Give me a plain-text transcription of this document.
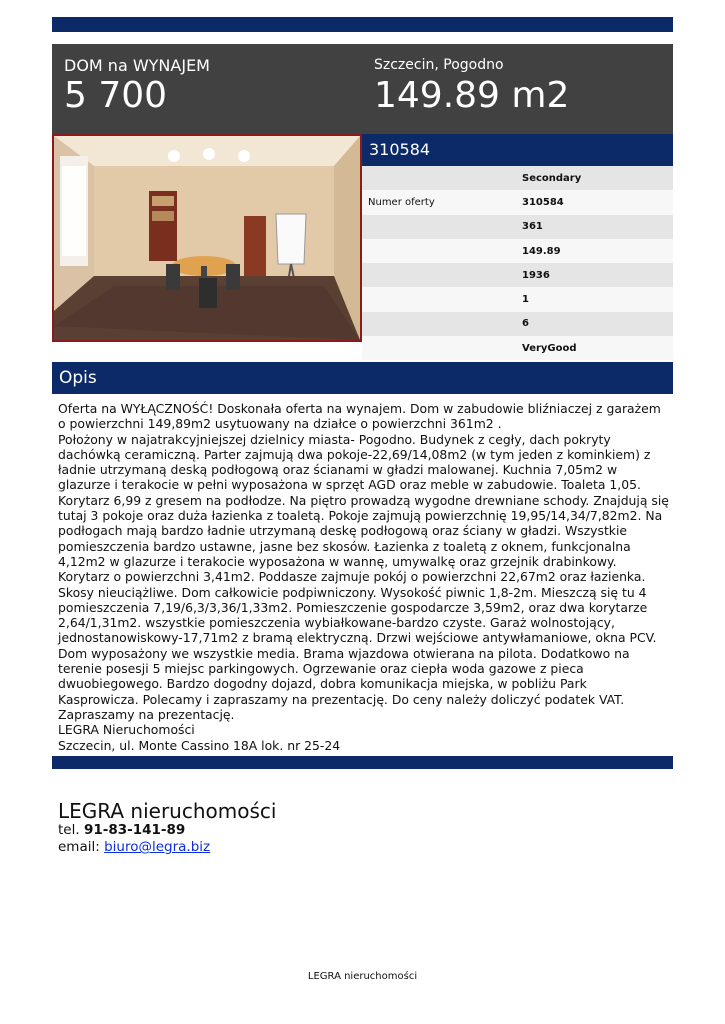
DOM na WYNAJEM
5 700
Szczecin, Pogodno
149.89 m2
310584
	Secondary
Numer oferty	310584
	361
	149.89
	1936
	1
	6
	VeryGood
Opis
Oferta na WYŁĄCZNOŚĆ! Doskonała oferta na wynajem. Dom w zabudowie bliźniaczej z garażem o powierzchni 149,89m2 usytuowany na działce o powierzchni 361m2 .
Położony w najatrakcyjniejszej dzielnicy miasta- Pogodno. Budynek z cegły, dach pokryty dachówką ceramiczną. Parter zajmują dwa pokoje-22,69/14,08m2 (w tym jeden z kominkiem) z ładnie utrzymaną deską podłogową oraz ścianami w gładzi malowanej. Kuchnia 7,05m2 w glazurze i terakocie w pełni wyposażona w sprzęt AGD oraz meble w zabudowie. Toaleta 1,05. Korytarz 6,99 z gresem na podłodze. Na piętro prowadzą wygodne drewniane schody. Znajdują się tutaj 3 pokoje oraz duża łazienka z toaletą. Pokoje zajmują powierzchnię 19,95/14,34/7,82m2. Na podłogach mają bardzo ładnie utrzymaną deskę podłogową oraz ściany w gładzi. Wszystkie pomieszczenia bardzo ustawne, jasne bez skosów. Łazienka z toaletą z oknem, funkcjonalna 4,12m2 w glazurze i terakocie wyposażona w wannę, umywalkę oraz grzejnik drabinkowy. Korytarz o powierzchni 3,41m2. Poddasze zajmuje pokój o powierzchni 22,67m2 oraz łazienka. Skosy nieuciążliwe. Dom całkowicie podpiwniczony. Wysokość piwnic 1,8-2m. Mieszczą się tu 4 pomieszczenia 7,19/6,3/3,36/1,33m2. Pomieszczenie gospodarcze 3,59m2, oraz dwa korytarze 2,64/1,31m2. wszystkie pomieszczenia wybiałkowane-bardzo czyste. Garaż wolnostojący, jednostanowiskowy-17,71m2 z bramą elektryczną. Drzwi wejściowe antywłamaniowe, okna PCV. Dom wyposażony we wszystkie media. Brama wjazdowa otwierana na pilota. Dodatkowo na terenie posesji 5 miejsc parkingowych. Ogrzewanie oraz ciepła woda gazowe z pieca dwuobiegowego. Bardzo dogodny dojazd, dobra komunikacja miejska, w pobliżu Park Kasprowicza. Polecamy i zapraszamy na prezentację. Do ceny należy doliczyć podatek VAT. Zapraszamy na prezentację.
LEGRA Nieruchomości
Szczecin, ul. Monte Cassino 18A lok. nr 25-24
LEGRA nieruchomości
tel. 91-83-141-89
email: biuro@legra.biz
LEGRA nieruchomości
